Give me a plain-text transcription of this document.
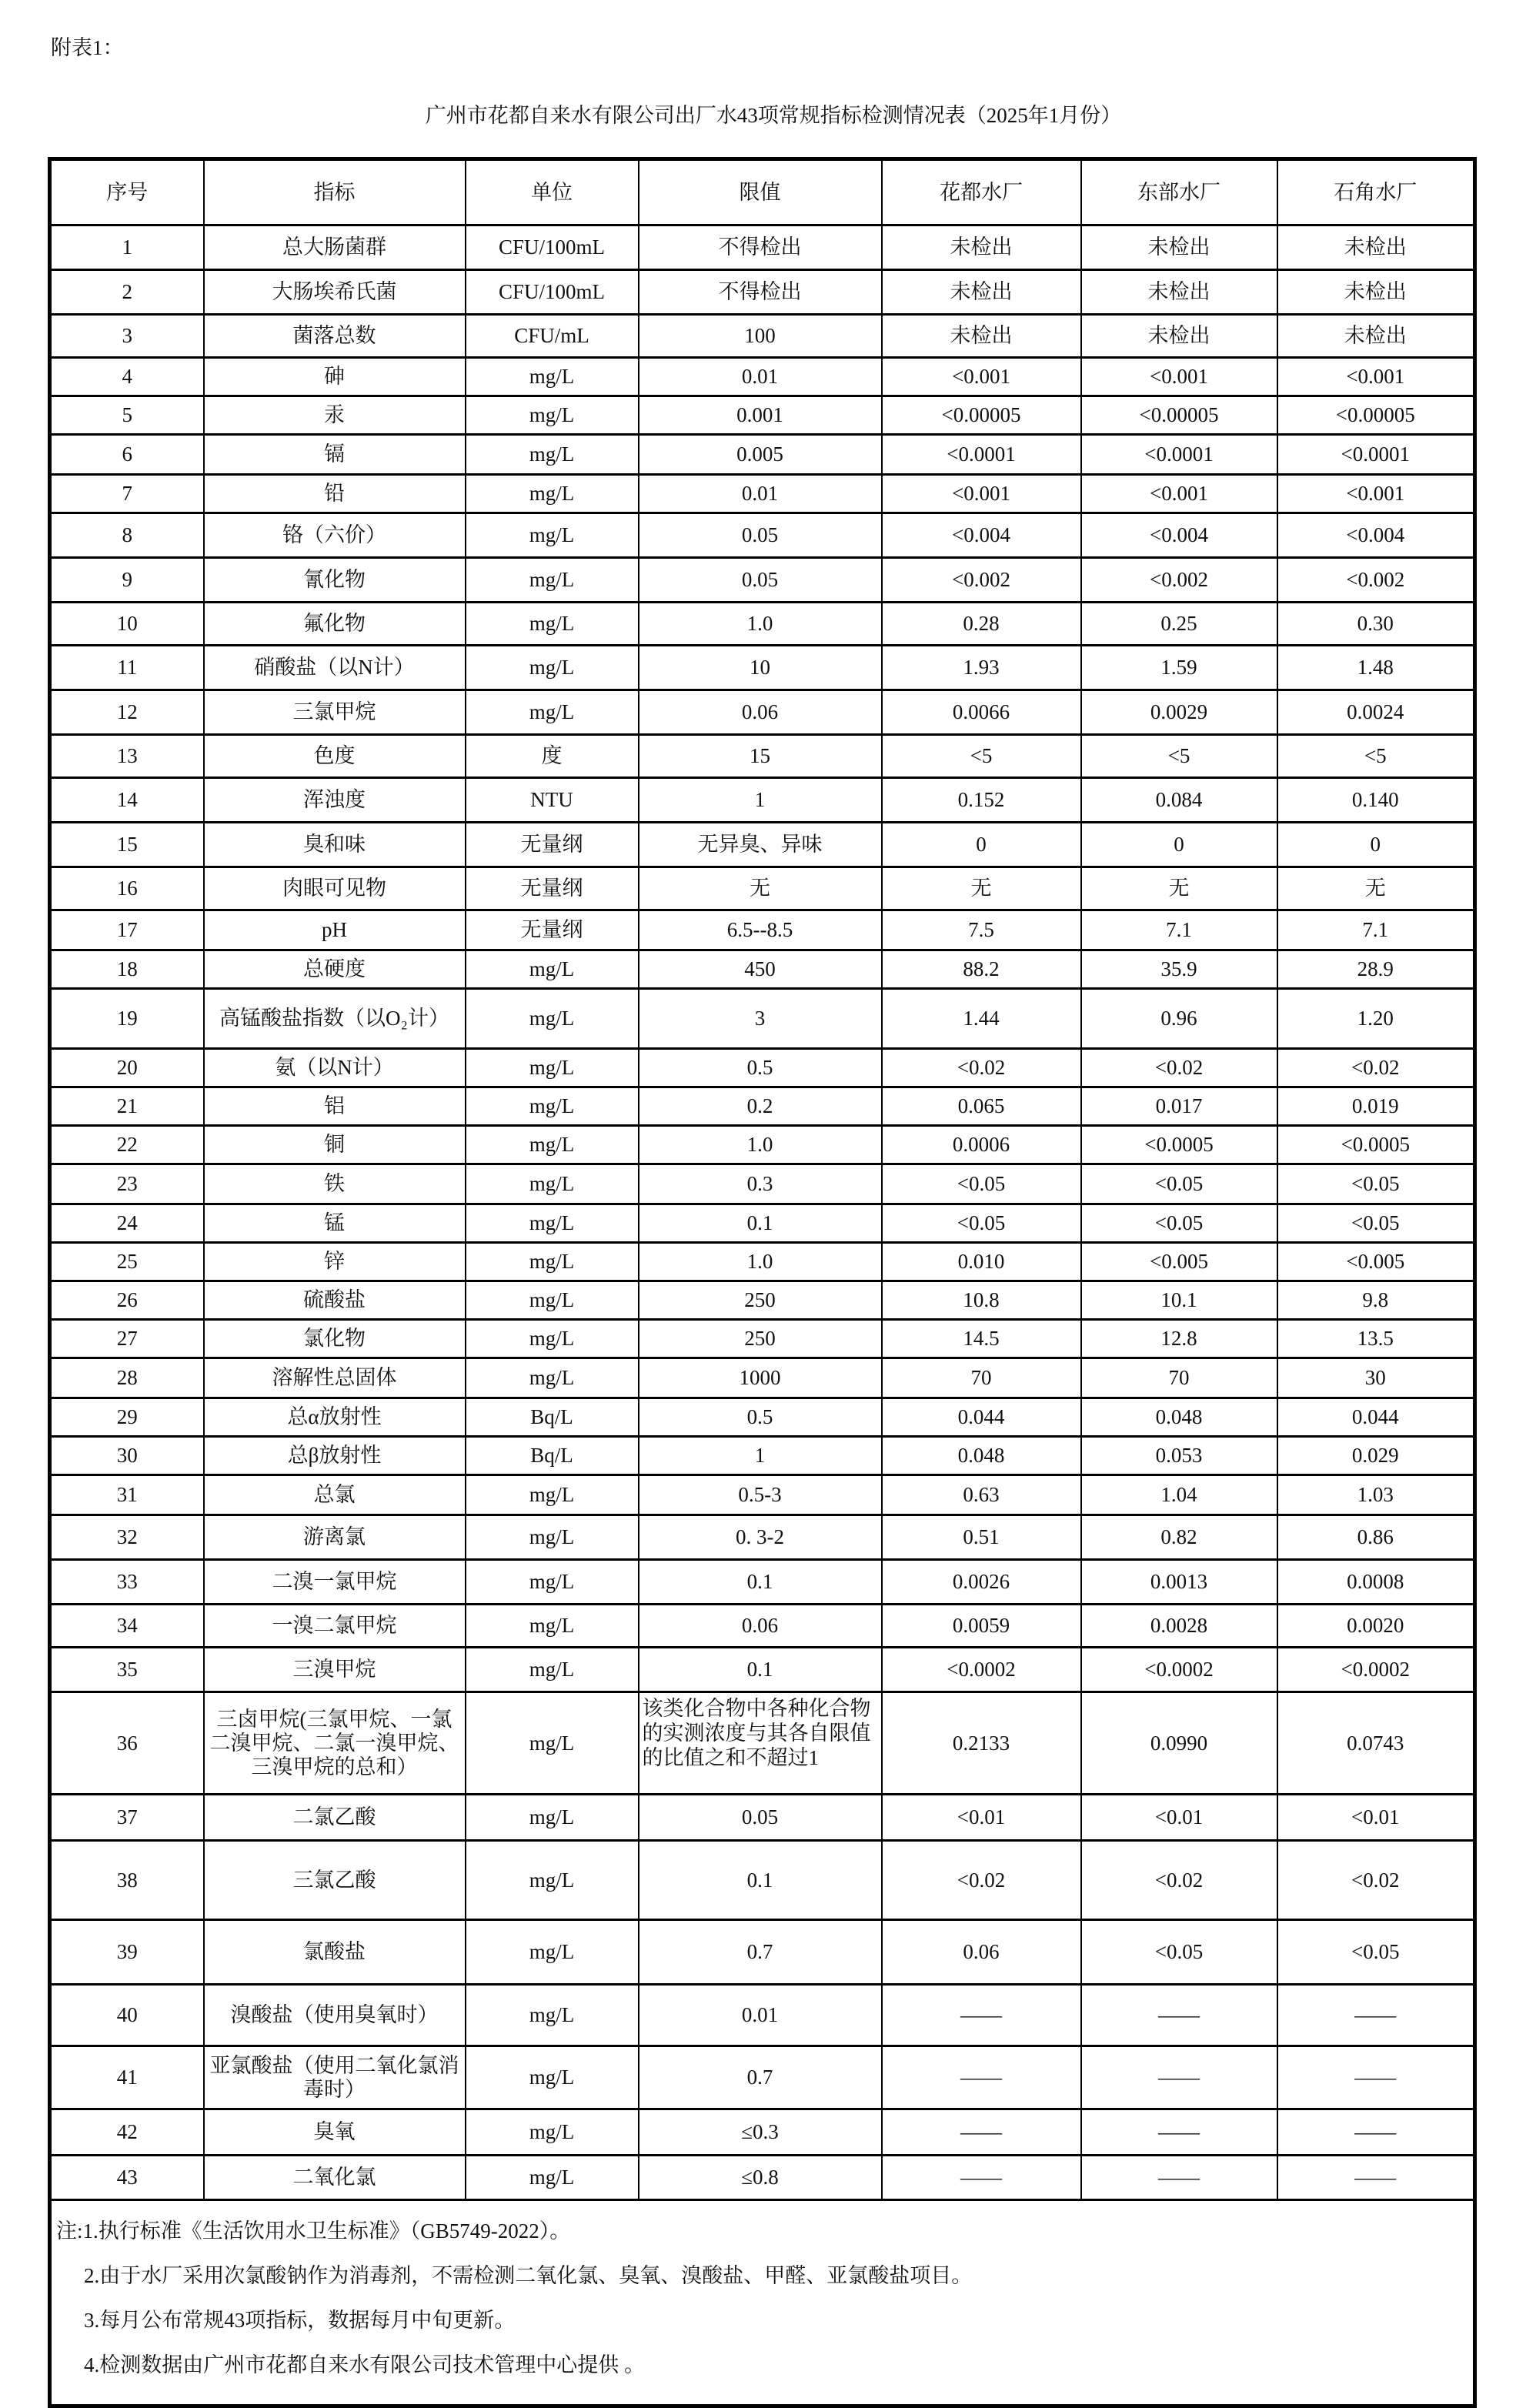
附表1：
广州市花都自来水有限公司出厂水43项常规指标检测情况表（2025年1月份）
序号	指标	单位	限值	花都水厂	东部水厂	石角水厂
1	总大肠菌群	CFU/100mL	不得检出	未检出	未检出	未检出
2	大肠埃希氏菌	CFU/100mL	不得检出	未检出	未检出	未检出
3	菌落总数	CFU/mL	100	未检出	未检出	未检出
4	砷	mg/L	0.01	<0.001	<0.001	<0.001
5	汞	mg/L	0.001	<0.00005	<0.00005	<0.00005
6	镉	mg/L	0.005	<0.0001	<0.0001	<0.0001
7	铅	mg/L	0.01	<0.001	<0.001	<0.001
8	铬（六价）	mg/L	0.05	<0.004	<0.004	<0.004
9	氰化物	mg/L	0.05	<0.002	<0.002	<0.002
10	氟化物	mg/L	1.0	0.28	0.25	0.30
11	硝酸盐（以N计）	mg/L	10	1.93	1.59	1.48
12	三氯甲烷	mg/L	0.06	0.0066	0.0029	0.0024
13	色度	度	15	<5	<5	<5
14	浑浊度	NTU	1	0.152	0.084	0.140
15	臭和味	无量纲	无异臭、异味	0	0	0
16	肉眼可见物	无量纲	无	无	无	无
17	pH	无量纲	6.5--8.5	7.5	7.1	7.1
18	总硬度	mg/L	450	88.2	35.9	28.9
19	高锰酸盐指数（以O₂计）	mg/L	3	1.44	0.96	1.20
20	氨（以N计）	mg/L	0.5	<0.02	<0.02	<0.02
21	铝	mg/L	0.2	0.065	0.017	0.019
22	铜	mg/L	1.0	0.0006	<0.0005	<0.0005
23	铁	mg/L	0.3	<0.05	<0.05	<0.05
24	锰	mg/L	0.1	<0.05	<0.05	<0.05
25	锌	mg/L	1.0	0.010	<0.005	<0.005
26	硫酸盐	mg/L	250	10.8	10.1	9.8
27	氯化物	mg/L	250	14.5	12.8	13.5
28	溶解性总固体	mg/L	1000	70	70	30
29	总α放射性	Bq/L	0.5	0.044	0.048	0.044
30	总β放射性	Bq/L	1	0.048	0.053	0.029
31	总氯	mg/L	0.5-3	0.63	1.04	1.03
32	游离氯	mg/L	0. 3-2	0.51	0.82	0.86
33	二溴一氯甲烷	mg/L	0.1	0.0026	0.0013	0.0008
34	一溴二氯甲烷	mg/L	0.06	0.0059	0.0028	0.0020
35	三溴甲烷	mg/L	0.1	<0.0002	<0.0002	<0.0002
36	三卤甲烷(三氯甲烷、一氯二溴甲烷、二氯一溴甲烷、三溴甲烷的总和）	mg/L	该类化合物中各种化合物的实测浓度与其各自限值的比值之和不超过1	0.2133	0.0990	0.0743
37	二氯乙酸	mg/L	0.05	<0.01	<0.01	<0.01
38	三氯乙酸	mg/L	0.1	<0.02	<0.02	<0.02
39	氯酸盐	mg/L	0.7	0.06	<0.05	<0.05
40	溴酸盐（使用臭氧时）	mg/L	0.01	——	——	——
41	亚氯酸盐（使用二氧化氯消毒时）	mg/L	0.7	——	——	——
42	臭氧	mg/L	≤0.3	——	——	——
43	二氧化氯	mg/L	≤0.8	——	——	——

注:1.执行标准《生活饮用水卫生标准》（GB5749-2022）。
2.由于水厂采用次氯酸钠作为消毒剂，不需检测二氧化氯、臭氧、溴酸盐、甲醛、亚氯酸盐项目。
3.每月公布常规43项指标，数据每月中旬更新。
4.检测数据由广州市花都自来水有限公司技术管理中心提供 。						
